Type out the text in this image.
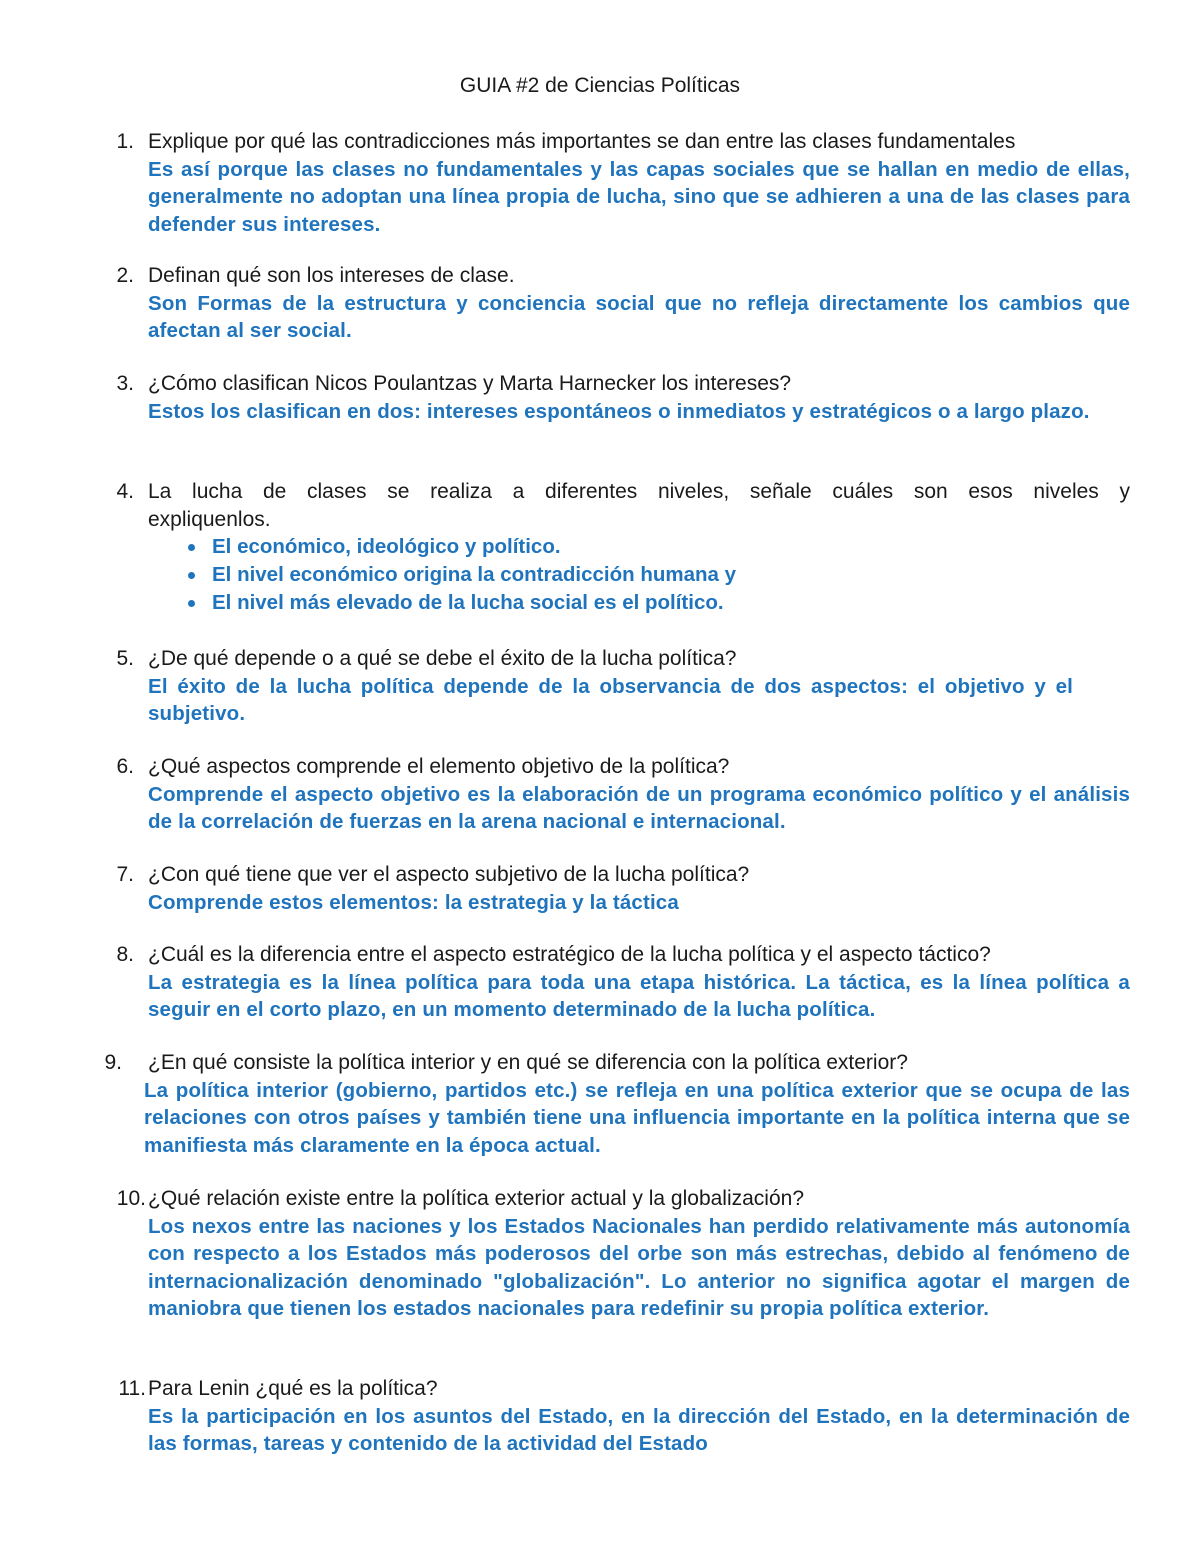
GUIA #2 de Ciencias Políticas
1. Explique por qué las contradicciones más importantes se dan entre las clases fundamentales
Es así porque las clases no fundamentales y las capas sociales que se hallan en medio de ellas, generalmente no adoptan una línea propia de lucha, sino que se adhieren a una de las clases para defender sus intereses.
2. Definan qué son los intereses de clase.
Son Formas de la estructura y conciencia social que no refleja directamente los cambios que afectan al ser social.
3. ¿Cómo clasifican Nicos Poulantzas y Marta Harnecker los intereses?
Estos los clasifican en dos: intereses espontáneos o inmediatos y estratégicos o a largo plazo.
4. La lucha de clases se realiza a diferentes niveles, señale cuáles son esos niveles y expliquenlos.
El económico, ideológico y político.
El nivel económico origina la contradicción humana y
El nivel más elevado de la lucha social es el político.
5. ¿De qué depende o a qué se debe el éxito de la lucha política?
El éxito de la lucha política depende de la observancia de dos aspectos: el objetivo y el subjetivo.
6. ¿Qué aspectos comprende el elemento objetivo de la política?
Comprende el aspecto objetivo es la elaboración de un programa económico político y el análisis de la correlación de fuerzas en la arena nacional e internacional.
7. ¿Con qué tiene que ver el aspecto subjetivo de la lucha política?
Comprende estos elementos: la estrategia y la táctica
8. ¿Cuál es la diferencia entre el aspecto estratégico de la lucha política y el aspecto táctico?
La estrategia es la línea política para toda una etapa histórica. La táctica, es la línea política a seguir en el corto plazo, en un momento determinado de la lucha política.
9. ¿En qué consiste la política interior y en qué se diferencia con la política exterior?
La política interior (gobierno, partidos etc.) se refleja en una política exterior que se ocupa de las relaciones con otros países y también tiene una influencia importante en la política interna que se manifiesta más claramente en la época actual.
10. ¿Qué relación existe entre la política exterior actual y la globalización?
Los nexos entre las naciones y los Estados Nacionales han perdido relativamente más autonomía con respecto a los Estados más poderosos del orbe son más estrechas, debido al fenómeno de internacionalización denominado "globalización". Lo anterior no significa agotar el margen de maniobra que tienen los estados nacionales para redefinir su propia política exterior.
11. Para Lenin ¿qué es la política?
Es la participación en los asuntos del Estado, en la dirección del Estado, en la determinación de las formas, tareas y contenido de la actividad del Estado
